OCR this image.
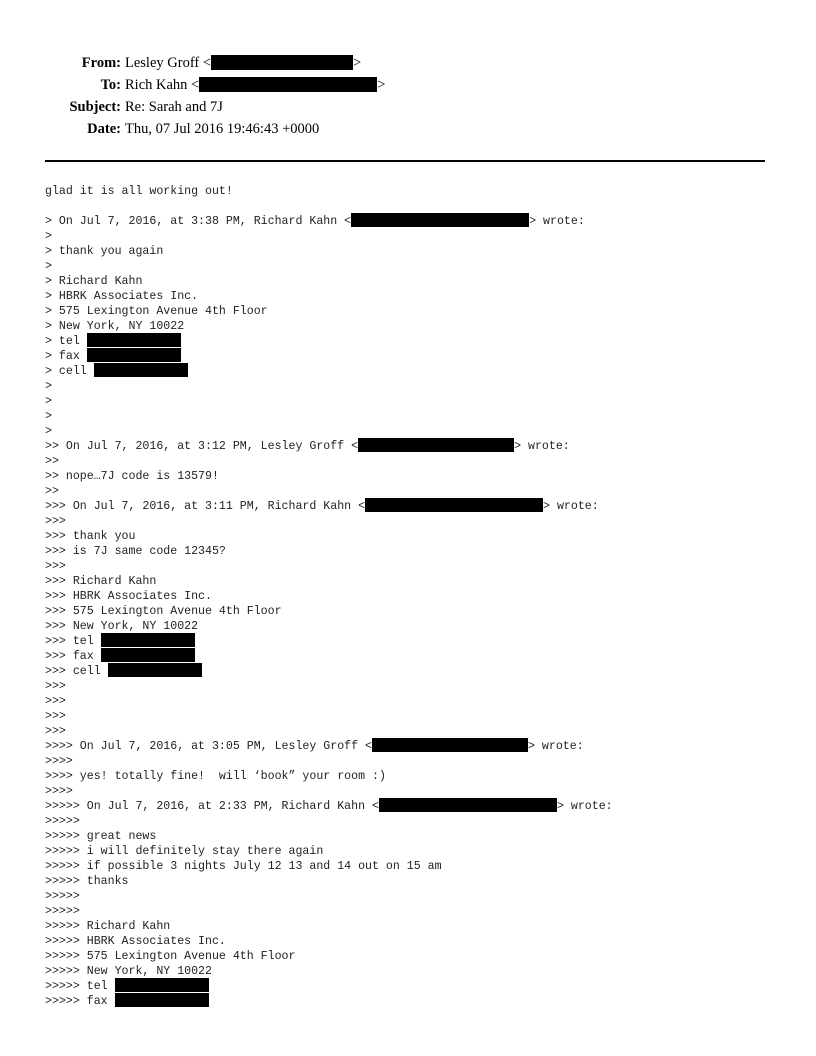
From: Lesley Groff <	>
To: Rich Kahn <	>
Subject: Re: Sarah and 7J
Date: Thu, 07 Jul 2016 19:46:43 +0000
glad it is all working out!
> On Jul 7, 2016, at 3:38 PM, Richard Kahn <	> wrote:
>
> thank you again
>
> Richard Kahn
> HBRK Associates Inc.
> 575 Lexington Avenue 4th Floor
> New York, NY 10022
> tel
> fax
> cell
>
>
>
>
>> On Jul 7, 2016, at 3:12 PM, Lesley Groff <	> wrote:
>>
>> nope…7J code is 13579!
>>
>>> On Jul 7, 2016, at 3:11 PM, Richard Kahn <	> wrote:
>>>
>>> thank you
>>> is 7J same code 12345?
>>>
>>> Richard Kahn
>>> HBRK Associates Inc.
>>> 575 Lexington Avenue 4th Floor
>>> New York, NY 10022
>>> tel
>>> fax
>>> cell
>>>
>>>
>>>
>>>
>>>> On Jul 7, 2016, at 3:05 PM, Lesley Groff <	> wrote:
>>>>
>>>> yes! totally fine!  will ‘book” your room :)
>>>>
>>>>> On Jul 7, 2016, at 2:33 PM, Richard Kahn <	> wrote:
>>>>>
>>>>> great news
>>>>> i will definitely stay there again
>>>>> if possible 3 nights July 12 13 and 14 out on 15 am
>>>>> thanks
>>>>>
>>>>>
>>>>> Richard Kahn
>>>>> HBRK Associates Inc.
>>>>> 575 Lexington Avenue 4th Floor
>>>>> New York, NY 10022
>>>>> tel
>>>>> fax
